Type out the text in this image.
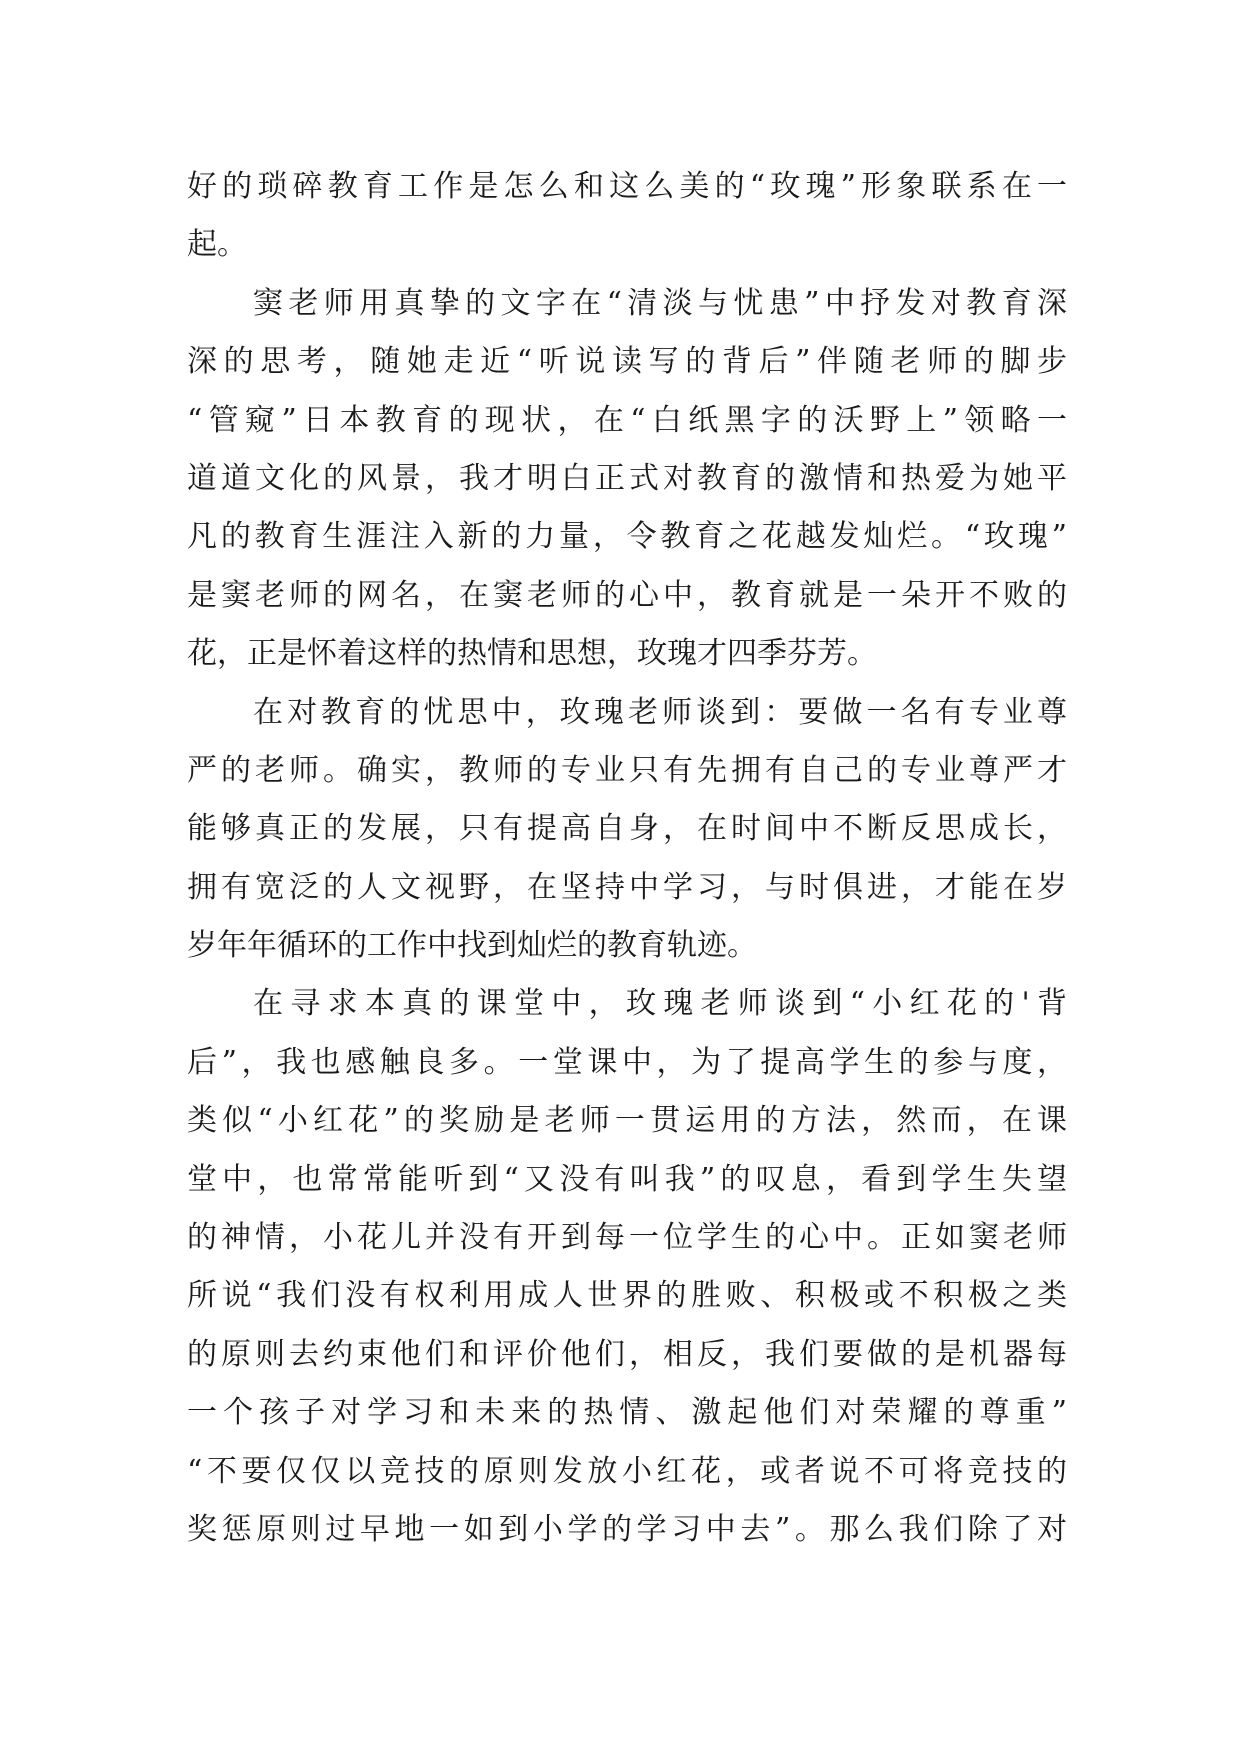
好的琐碎教育工作是怎么和这么美的“玫瑰”形象联系在一
起。
窦老师用真挚的文字在“清淡与忧患”中抒发对教育深
深的思考，随她走近“听说读写的背后”伴随老师的脚步
“管窥”日本教育的现状，在“白纸黑字的沃野上”领略一
道道文化的风景，我才明白正式对教育的激情和热爱为她平
凡的教育生涯注入新的力量，令教育之花越发灿烂。“玫瑰”
是窦老师的网名，在窦老师的心中，教育就是一朵开不败的
花，正是怀着这样的热情和思想，玫瑰才四季芬芳。
在对教育的忧思中，玫瑰老师谈到：要做一名有专业尊
严的老师。确实，教师的专业只有先拥有自己的专业尊严才
能够真正的发展，只有提高自身，在时间中不断反思成长，
拥有宽泛的人文视野，在坚持中学习，与时俱进，才能在岁
岁年年循环的工作中找到灿烂的教育轨迹。
在寻求本真的课堂中，玫瑰老师谈到“小红花的'背
后”，我也感触良多。一堂课中，为了提高学生的参与度，
类似“小红花”的奖励是老师一贯运用的方法，然而，在课
堂中，也常常能听到“又没有叫我”的叹息，看到学生失望
的神情，小花儿并没有开到每一位学生的心中。正如窦老师
所说“我们没有权利用成人世界的胜败、积极或不积极之类
的原则去约束他们和评价他们，相反，我们要做的是机器每
一个孩子对学习和未来的热情、激起他们对荣耀的尊重”
“不要仅仅以竞技的原则发放小红花，或者说不可将竞技的
奖惩原则过早地一如到小学的学习中去”。那么我们除了对
